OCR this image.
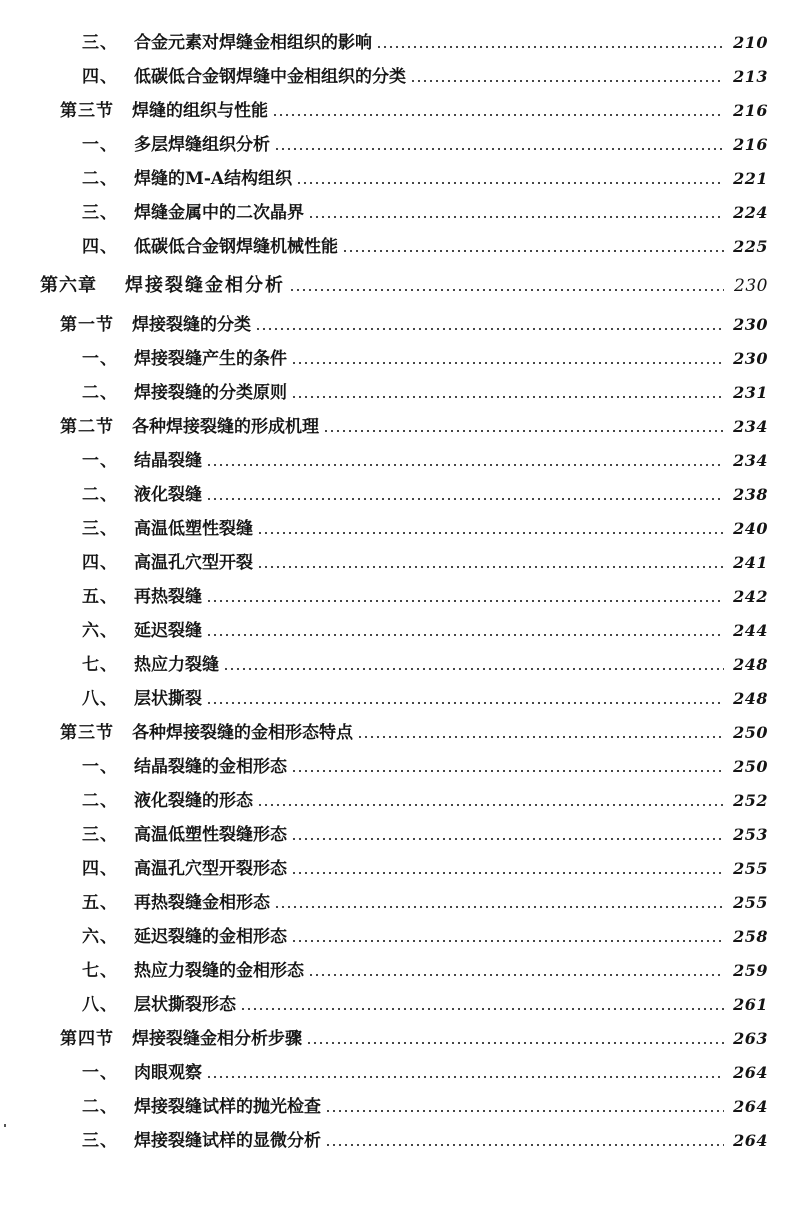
三、 合金元素对焊缝金相组织的影响	210
四、 低碳低合金钢焊缝中金相组织的分类	213
第三节 焊缝的组织与性能	216
一、 多层焊缝组织分析	216
二、 焊缝的M-A结构组织	221
三、 焊缝金属中的二次晶界	224
四、 低碳低合金钢焊缝机械性能	225
第六章 焊接裂缝金相分析	230
第一节 焊接裂缝的分类	230
一、 焊接裂缝产生的条件	230
二、 焊接裂缝的分类原则	231
第二节 各种焊接裂缝的形成机理	234
一、 结晶裂缝	234
二、 液化裂缝	238
三、 高温低塑性裂缝	240
四、 高温孔穴型开裂	241
五、 再热裂缝	242
六、 延迟裂缝	244
七、 热应力裂缝	248
八、 层状撕裂	248
第三节 各种焊接裂缝的金相形态特点	250
一、 结晶裂缝的金相形态	250
二、 液化裂缝的形态	252
三、 高温低塑性裂缝形态	253
四、 高温孔穴型开裂形态	255
五、 再热裂缝金相形态	255
六、 延迟裂缝的金相形态	258
七、 热应力裂缝的金相形态	259
八、 层状撕裂形态	261
第四节 焊接裂缝金相分析步骤	263
一、 肉眼观察	264
二、 焊接裂缝试样的抛光检查	264
三、 焊接裂缝试样的显微分析	264
